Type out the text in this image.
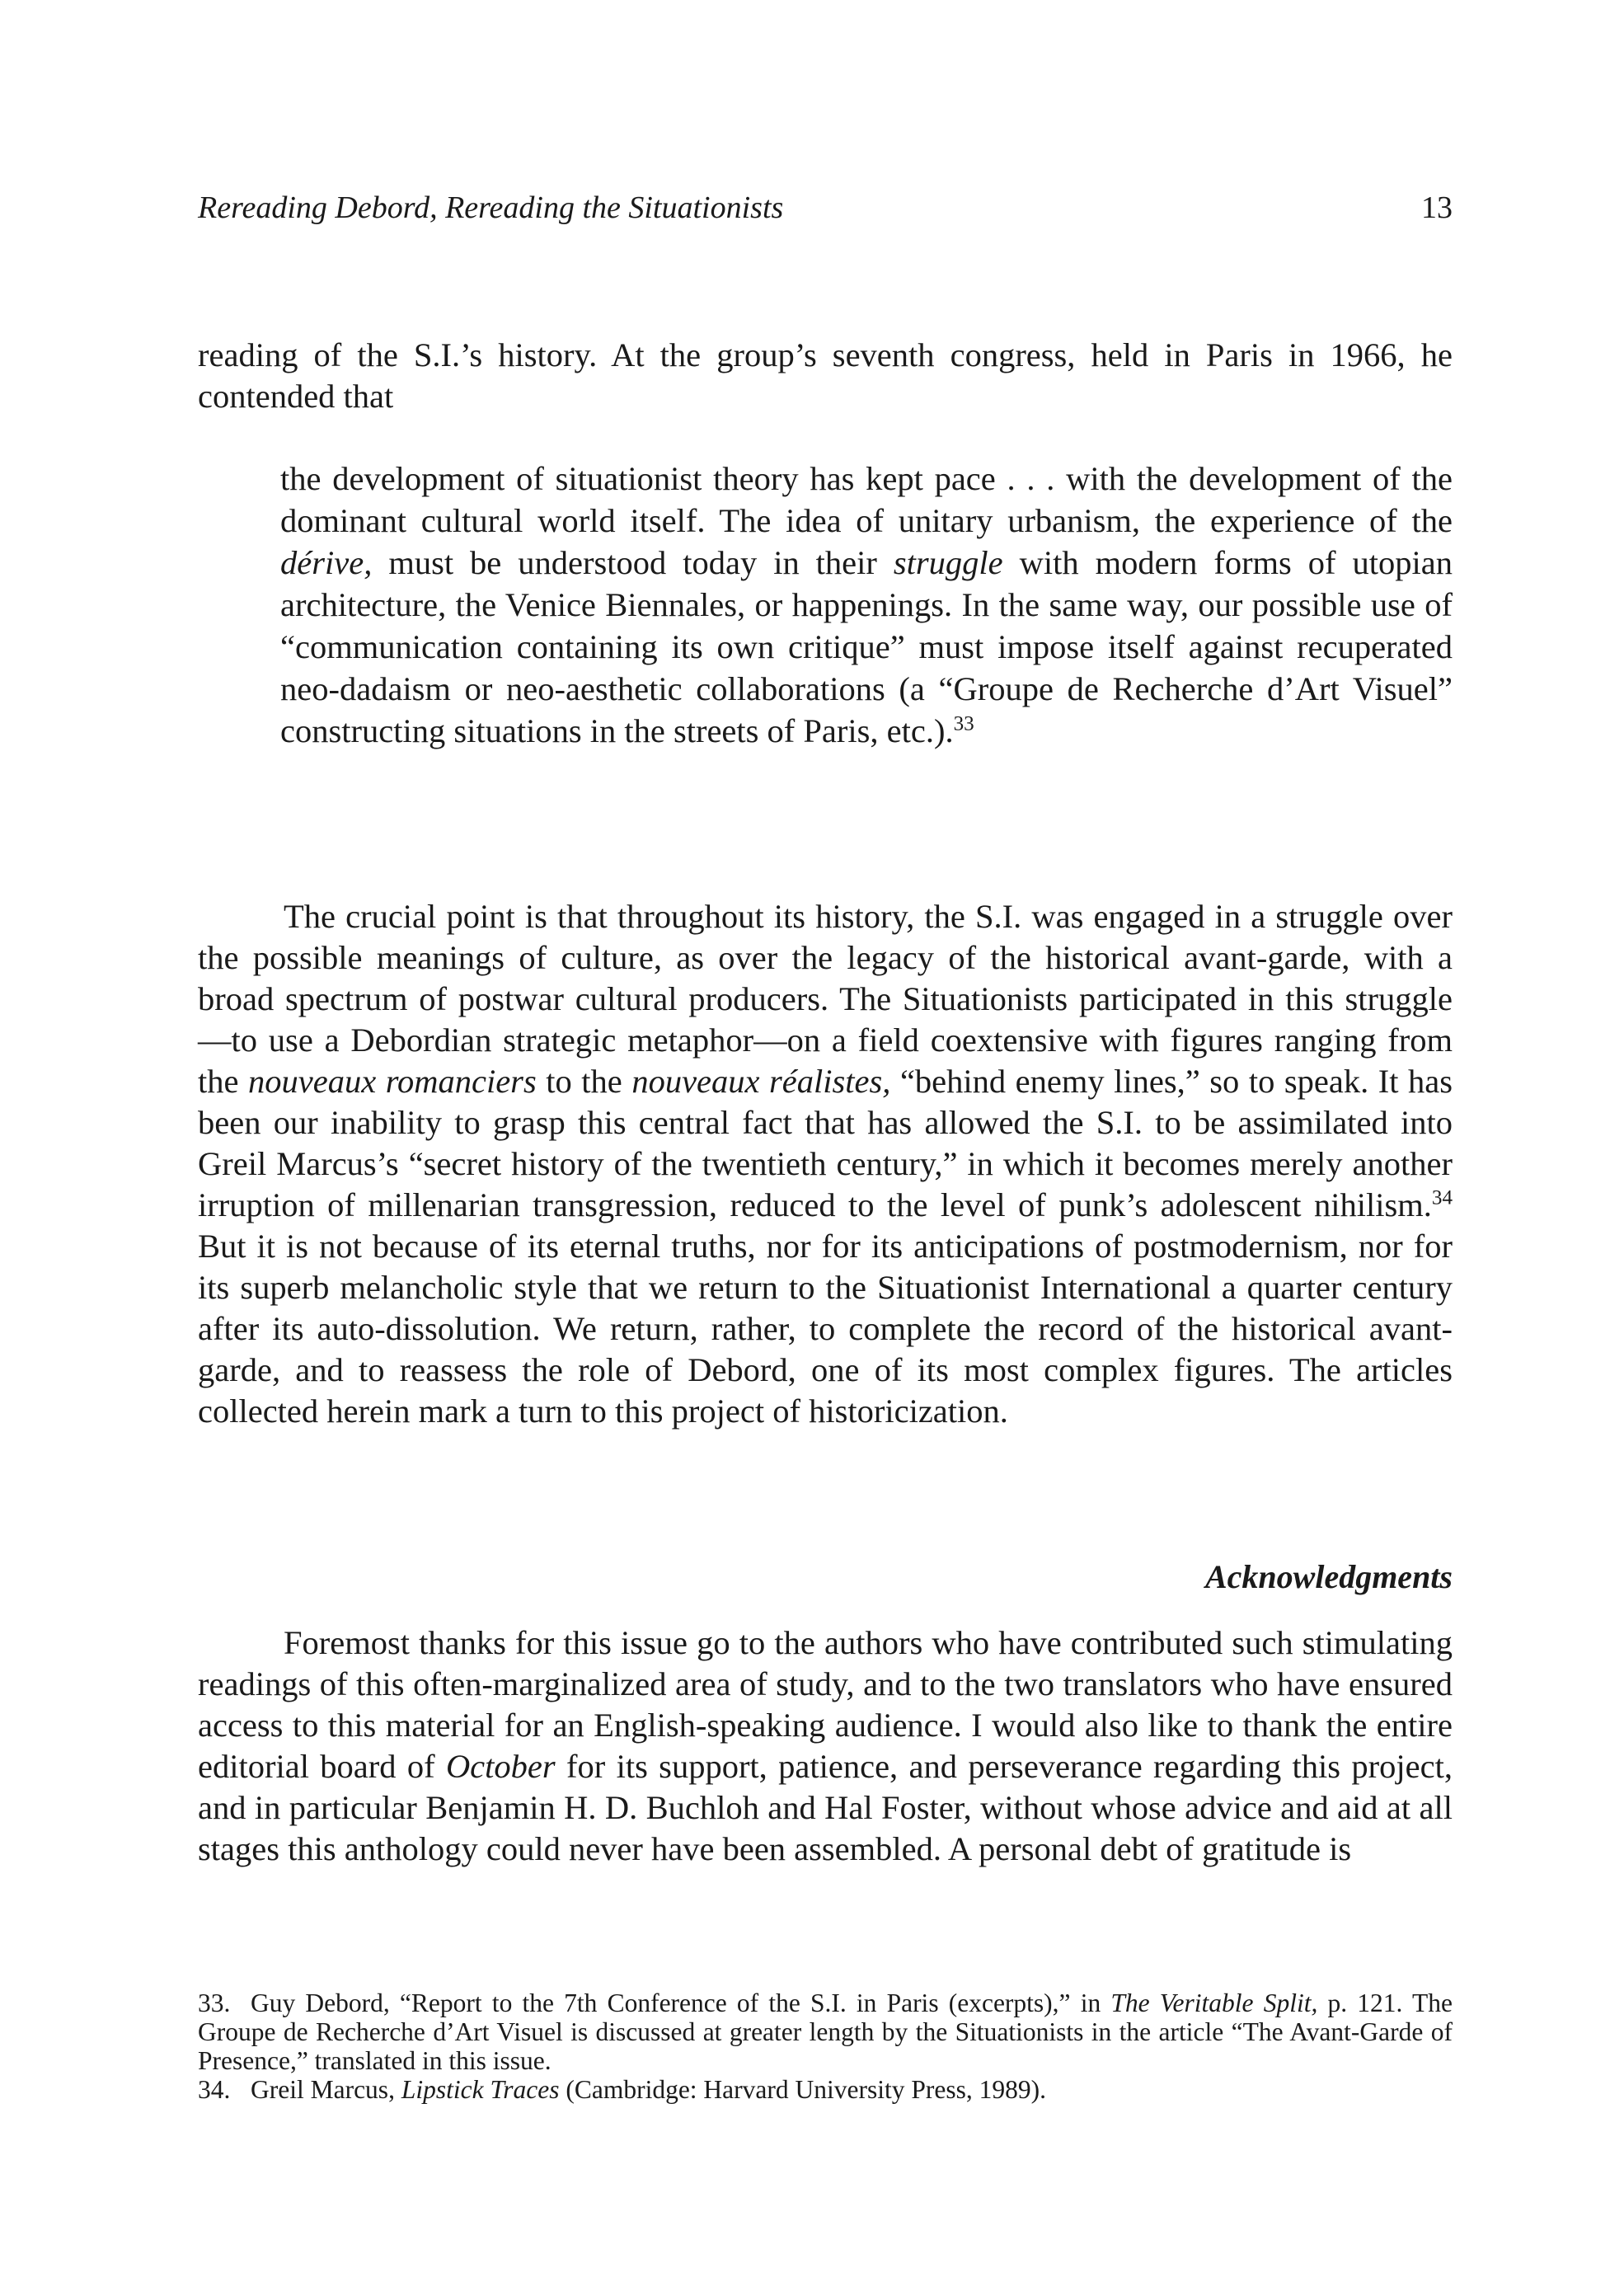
Rereading Debord, Rereading the Situationists	13

reading of the S.I.’s history. At the group’s seventh congress, held in Paris in 1966, he contended that

the development of situationist theory has kept pace . . . with the development of the dominant cultural world itself. The idea of unitary urbanism, the experience of the dérive, must be understood today in their struggle with modern forms of utopian architecture, the Venice Biennales, or happenings. In the same way, our possible use of “communication containing its own critique” must impose itself against recuperated neo-dadaism or neo-aesthetic collaborations (a “Groupe de Recherche d’Art Visuel” constructing situations in the streets of Paris, etc.).$^{33}$

The crucial point is that throughout its history, the S.I. was engaged in a struggle over the possible meanings of culture, as over the legacy of the historical avant-garde, with a broad spectrum of postwar cultural producers. The Situationists participated in this struggle—to use a Debordian strategic metaphor—on a field coextensive with figures ranging from the nouveaux romanciers to the nouveaux réalistes, “behind enemy lines,” so to speak. It has been our inability to grasp this central fact that has allowed the S.I. to be assimilated into Greil Marcus’s “secret history of the twentieth century,” in which it becomes merely another irruption of millenarian transgression, reduced to the level of punk’s adolescent nihilism.$^{34}$ But it is not because of its eternal truths, nor for its anticipations of postmodernism, nor for its superb melancholic style that we return to the Situationist International a quarter century after its auto-dissolution. We return, rather, to complete the record of the historical avant-garde, and to reassess the role of Debord, one of its most complex figures. The articles collected herein mark a turn to this project of historicization.

Acknowledgments

Foremost thanks for this issue go to the authors who have contributed such stimulating readings of this often-marginalized area of study, and to the two translators who have ensured access to this material for an English-speaking audience. I would also like to thank the entire editorial board of October for its support, patience, and perseverance regarding this project, and in particular Benjamin H. D. Buchloh and Hal Foster, without whose advice and aid at all stages this anthology could never have been assembled. A personal debt of gratitude is

33. Guy Debord, “Report to the 7th Conference of the S.I. in Paris (excerpts),” in The Veritable Split, p. 121. The Groupe de Recherche d’Art Visuel is discussed at greater length by the Situationists in the article “The Avant-Garde of Presence,” translated in this issue.

34. Greil Marcus, Lipstick Traces (Cambridge: Harvard University Press, 1989).
